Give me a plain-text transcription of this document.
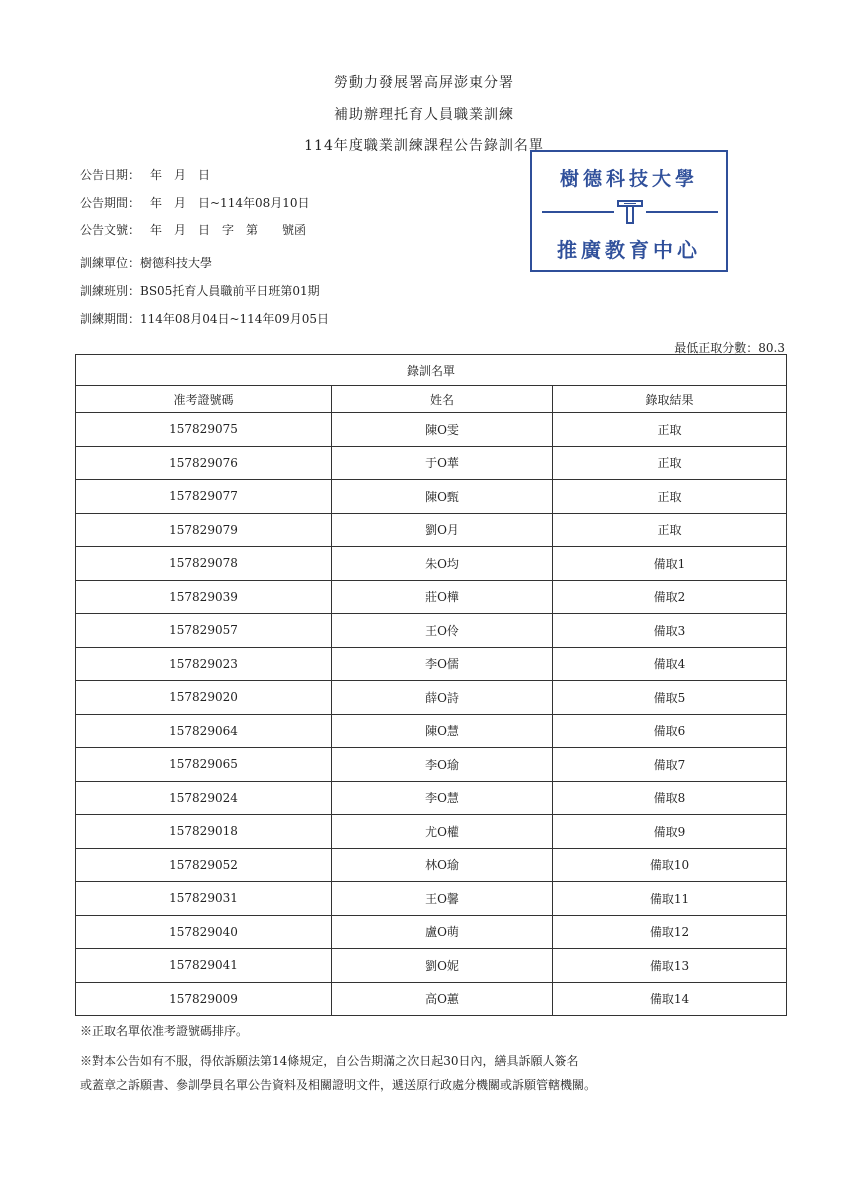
勞動力發展署高屏澎東分署
補助辦理托育人員職業訓練
114年度職業訓練課程公告錄訓名單
公告日期： 年　月　日
公告期間： 年　月　日~114年08月10日
公告文號： 年　月　日　字　第　　號函
訓練單位：樹德科技大學
訓練班別：BS05托育人員職前平日班第01期
訓練期間：114年08月04日~114年09月05日
樹德科技大學
推廣教育中心
最低正取分數：80.3
錄訓名單		
准考證號碼	姓名	錄取結果
157829075	陳O雯	正取
157829076	于O華	正取
157829077	陳O甄	正取
157829079	劉O月	正取
157829078	朱O均	備取1
157829039	莊O樺	備取2
157829057	王O伶	備取3
157829023	李O儒	備取4
157829020	薛O詩	備取5
157829064	陳O慧	備取6
157829065	李O瑜	備取7
157829024	李O慧	備取8
157829018	尤O權	備取9
157829052	林O瑜	備取10
157829031	王O馨	備取11
157829040	盧O萌	備取12
157829041	劉O妮	備取13
157829009	高O蕙	備取14
※正取名單依准考證號碼排序。
※對本公告如有不服，得依訴願法第14條規定，自公告期滿之次日起30日內，繕具訴願人簽名
或蓋章之訴願書、參訓學員名單公告資料及相關證明文件，遞送原行政處分機關或訴願管轄機關。
